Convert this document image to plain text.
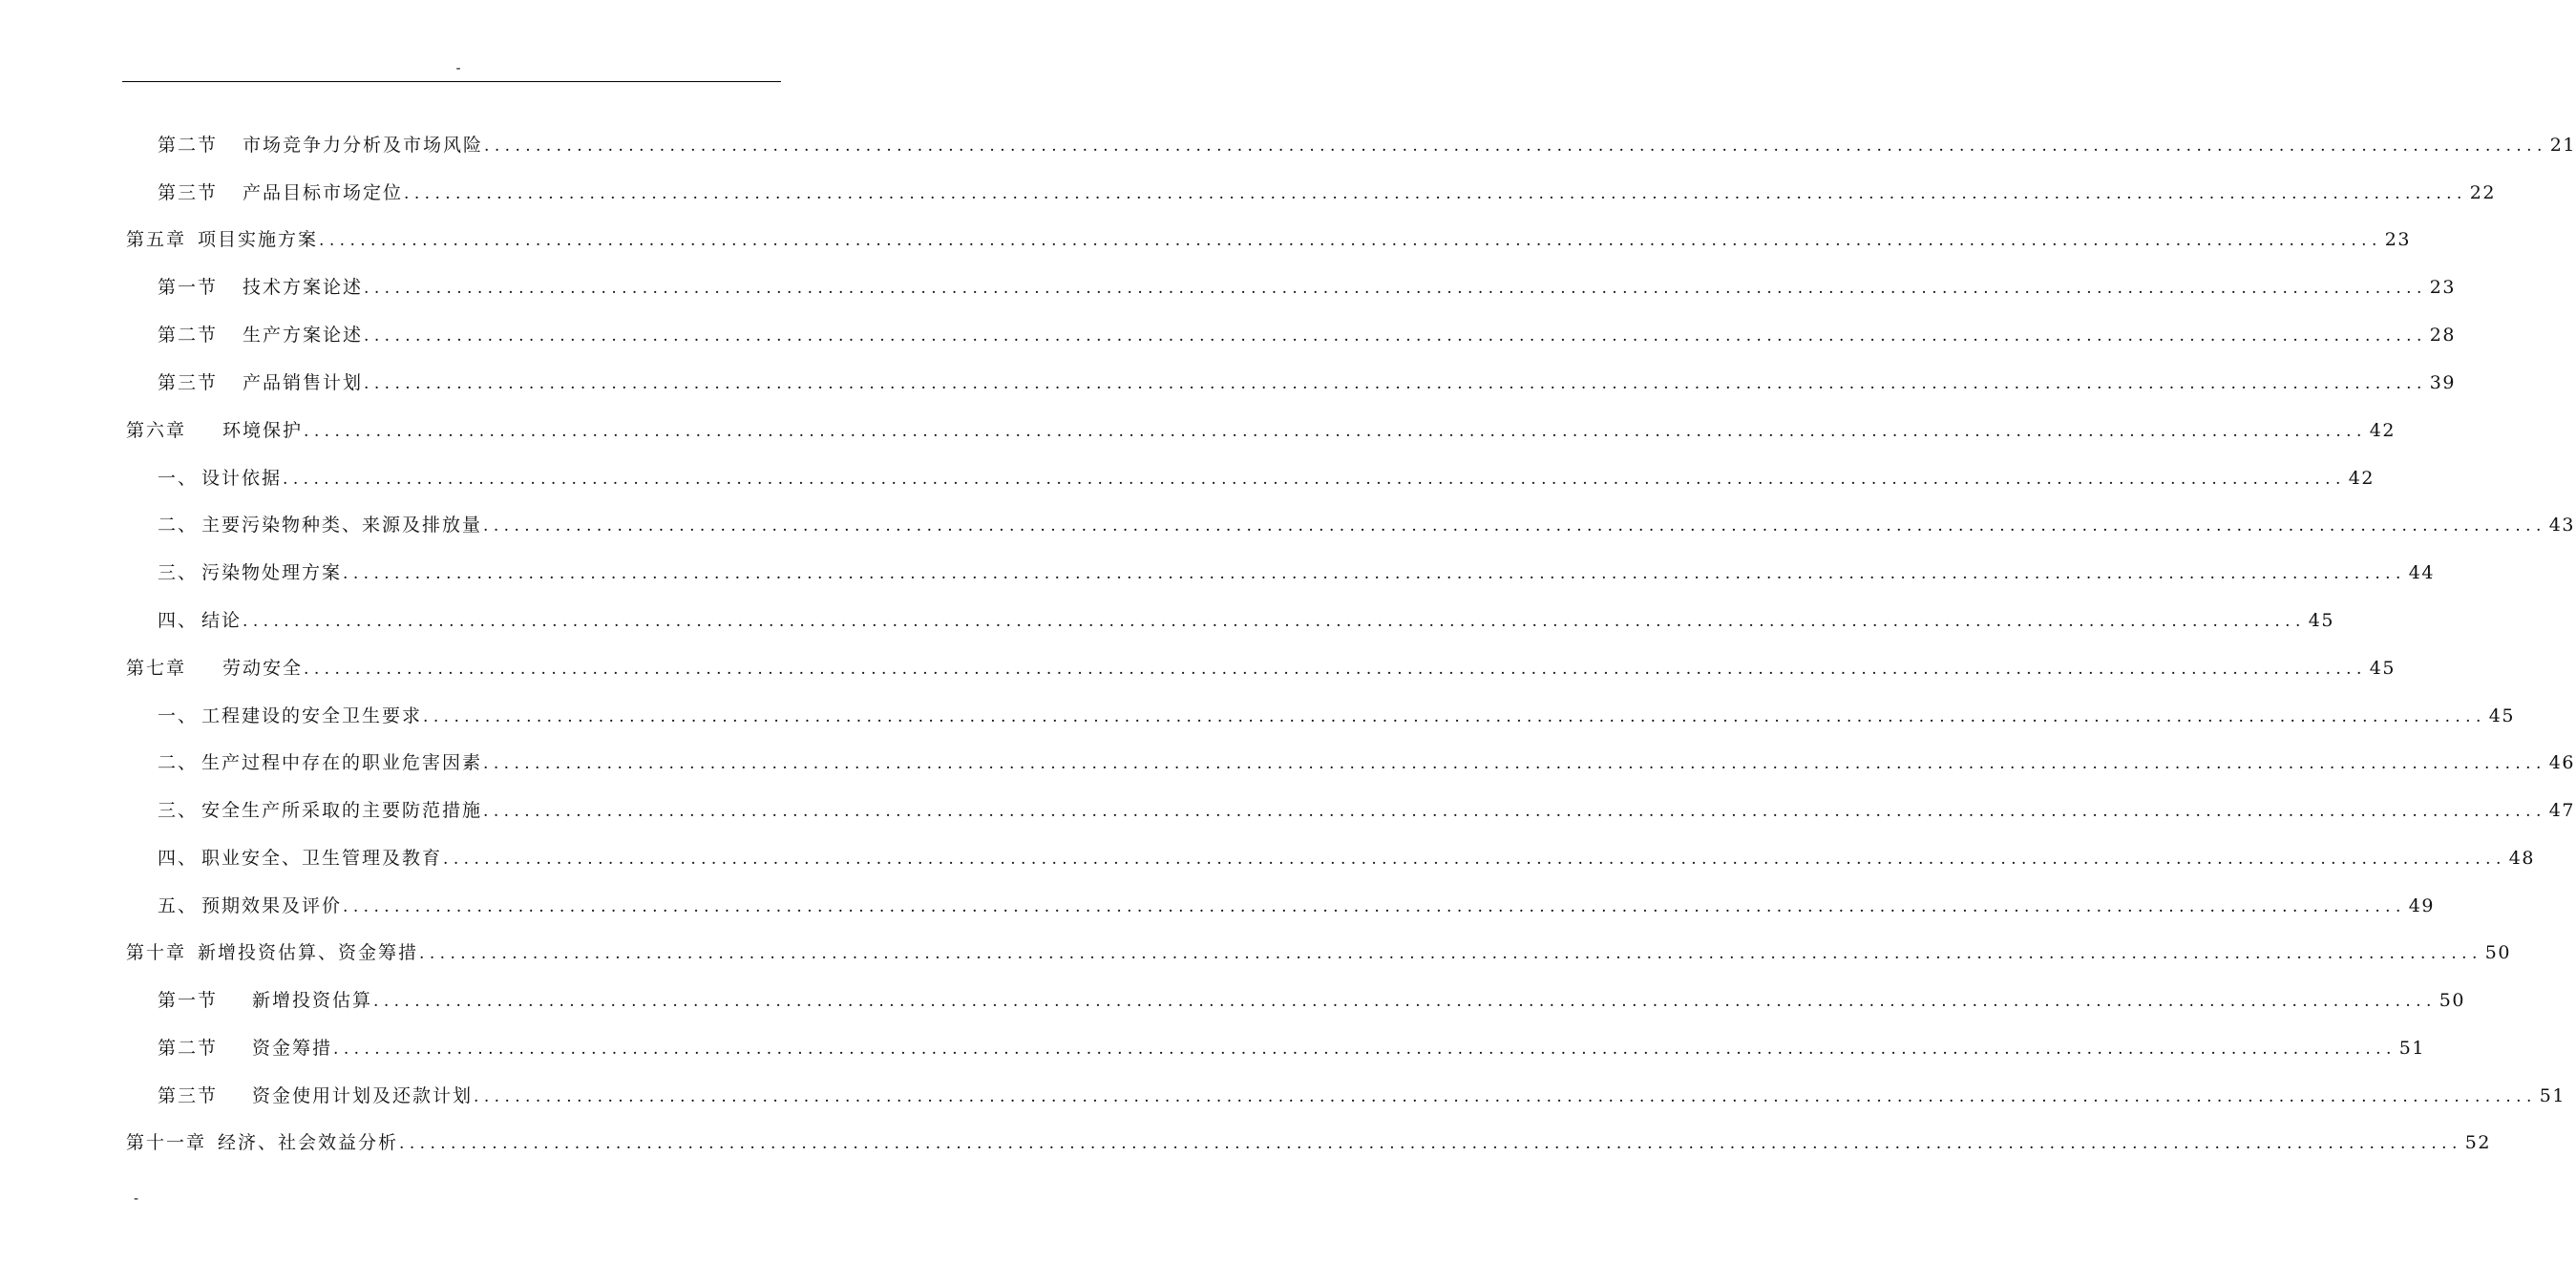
-
第二节 市场竞争力分析及市场风险 ........................................................................................................................................................................................................ 21
第三节 产品目标市场定位 ........................................................................................................................................................................................................ 22
第五章 项目实施方案 ........................................................................................................................................................................................................ 23
第一节 技术方案论述 ........................................................................................................................................................................................................ 23
第二节 生产方案论述 ........................................................................................................................................................................................................ 28
第三节 产品销售计划 ........................................................................................................................................................................................................ 39
第六章 环境保护 ........................................................................................................................................................................................................ 42
一、 设计依据 ........................................................................................................................................................................................................ 42
二、 主要污染物种类、来源及排放量 ........................................................................................................................................................................................................ 43
三、 污染物处理方案 ........................................................................................................................................................................................................ 44
四、 结论 ........................................................................................................................................................................................................ 45
第七章 劳动安全 ........................................................................................................................................................................................................ 45
一、 工程建设的安全卫生要求 ........................................................................................................................................................................................................ 45
二、 生产过程中存在的职业危害因素 ........................................................................................................................................................................................................ 46
三、 安全生产所采取的主要防范措施 ........................................................................................................................................................................................................ 47
四、 职业安全、卫生管理及教育 ........................................................................................................................................................................................................ 48
五、 预期效果及评价 ........................................................................................................................................................................................................ 49
第十章 新增投资估算、资金筹措 ........................................................................................................................................................................................................ 50
第一节 新增投资估算 ........................................................................................................................................................................................................ 50
第二节 资金筹措 ........................................................................................................................................................................................................ 51
第三节 资金使用计划及还款计划 ........................................................................................................................................................................................................ 51
第十一章 经济、社会效益分析 ........................................................................................................................................................................................................ 52
-
